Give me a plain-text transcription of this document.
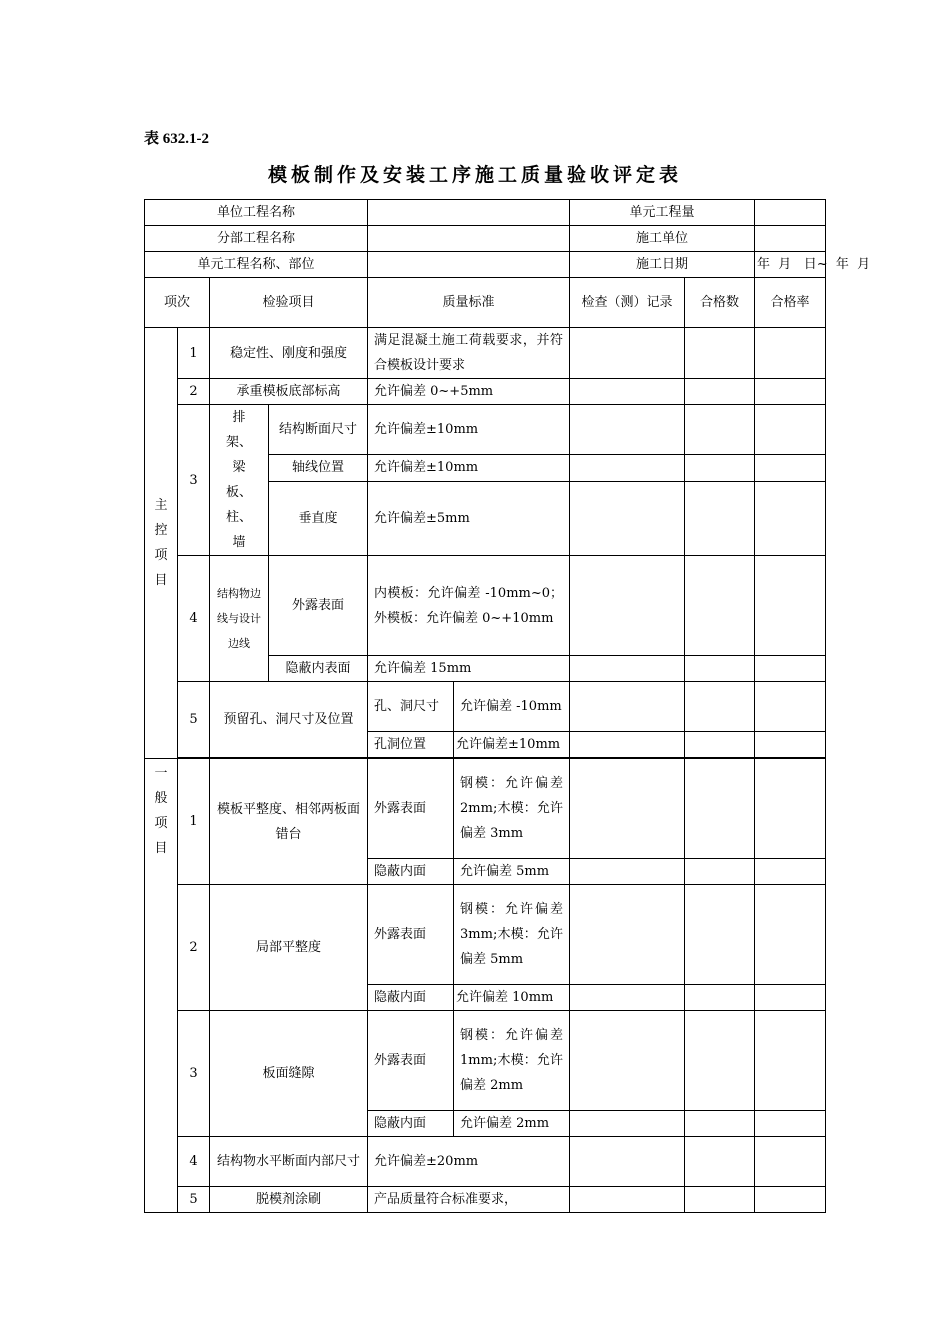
表 632.1-2
模板制作及安装工序施工质量验收评定表
单位工程名称						单元工程量		
分部工程名称						施工单位		
单元工程名称、部位						施工日期		年  月   日~  年  月
项次		检验项目		质量标准		检查（测）记录	合格数	合格率

主控项目	1	稳定性、刚度和强度		满足混凝土施工荷载要求，并符合模板设计要求				
	2	承重模板底部标高		允许偏差 0~+5mm				
	3	排架、梁板、柱、墙	结构断面尺寸	允许偏差±10mm				
			轴线位置	允许偏差±10mm				
			垂直度	允许偏差±5mm				
	4	结构物边线与设计边线	外露表面	内模板：允许偏差 -10mm~0；外模板：允许偏差 0~+10mm				
			隐蔽内表面	允许偏差 15mm				
	5	预留孔、洞尺寸及位置		孔、洞尺寸	允许偏差 -10mm			
				孔洞位置	允许偏差±10mm			

一般项目	1	模板平整度、相邻两板面错台		外露表面	钢模：允许偏差 2mm;木模：允许偏差 3mm			
				隐蔽内面	允许偏差 5mm			
	2	局部平整度		外露表面	钢模：允许偏差 3mm;木模：允许偏差 5mm			
				隐蔽内面	允许偏差 10mm			
	3	板面缝隙		外露表面	钢模：允许偏差 1mm;木模：允许偏差 2mm			
				隐蔽内面	允许偏差 2mm			
	4	结构物水平断面内部尺寸		允许偏差±20mm				
	5	脱模剂涂刷		产品质量符合标准要求，				
